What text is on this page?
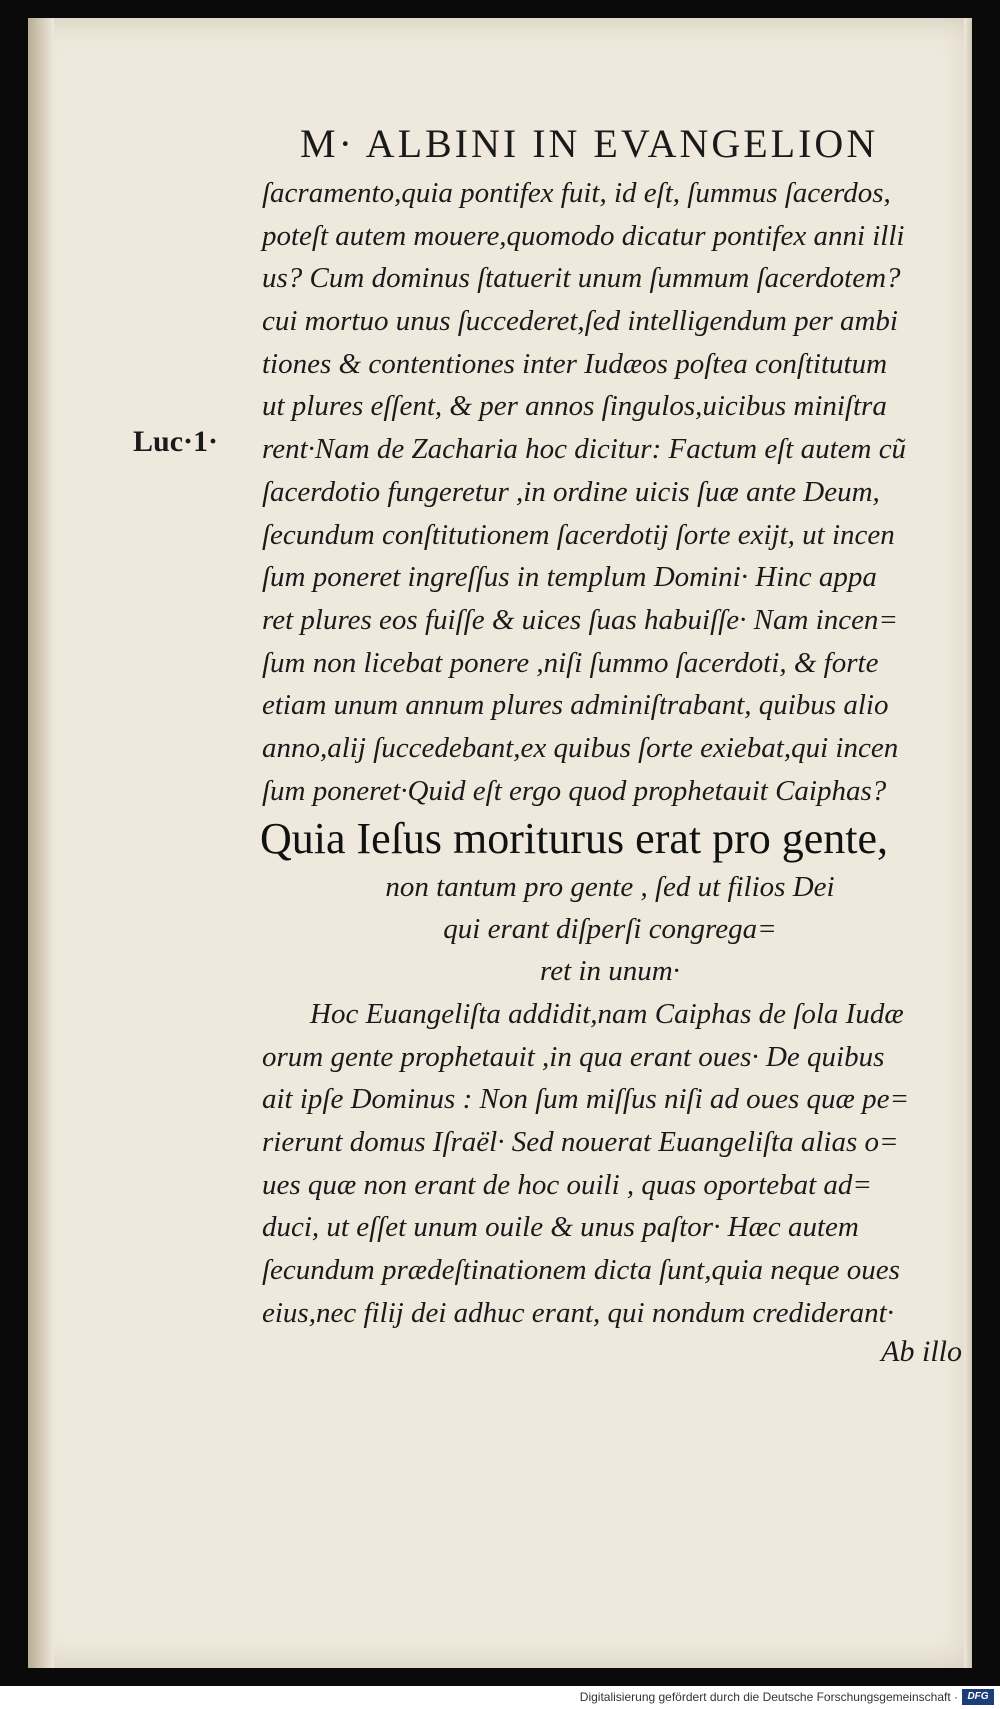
M· ALBINI IN EVANGELION
Luc·1·
ſacramento,quia pontifex fuit, id eſt, ſummus ſacerdos,
poteſt autem mouere,quomodo dicatur pontifex anni illi
us? Cum dominus ſtatuerit unum ſummum ſacerdotem?
cui mortuo unus ſuccederet,ſed intelligendum per ambi
tiones & contentiones inter Iudæos poſtea conſtitutum
ut plures eſſent, & per annos ſingulos,uicibus miniſtra
rent·Nam de Zacharia hoc dicitur: Factum eſt autem cũ
ſacerdotio fungeretur ,in ordine uicis ſuæ ante Deum,
ſecundum conſtitutionem ſacerdotij ſorte exijt, ut incen
ſum poneret ingreſſus in templum Domini· Hinc appa
ret plures eos fuiſſe & uices ſuas habuiſſe· Nam incen=
ſum non licebat ponere ,niſi ſummo ſacerdoti, & forte
etiam unum annum plures adminiſtrabant, quibus alio
anno,alij ſuccedebant,ex quibus ſorte exiebat,qui incen
ſum poneret·Quid eſt ergo quod prophetauit Caiphas?
Quia Ieſus moriturus erat pro gente,
non tantum pro gente , ſed ut filios Dei
qui erant diſperſi congrega=
ret in unum·
Hoc Euangeliſta addidit,nam Caiphas de ſola Iudæ
orum gente prophetauit ,in qua erant oues· De quibus
ait ipſe Dominus : Non ſum miſſus niſi ad oues quæ pe=
rierunt domus Iſraël· Sed nouerat Euangeliſta alias o=
ues quæ non erant de hoc ouili , quas oportebat ad=
duci, ut eſſet unum ouile & unus paſtor· Hæc autem
ſecundum prædeſtinationem dicta ſunt,quia neque oues
eius,nec filij dei adhuc erant, qui nondum crediderant·
Ab illo
Digitalisierung gefördert durch die Deutsche Forschungsgemeinschaft · DFG
